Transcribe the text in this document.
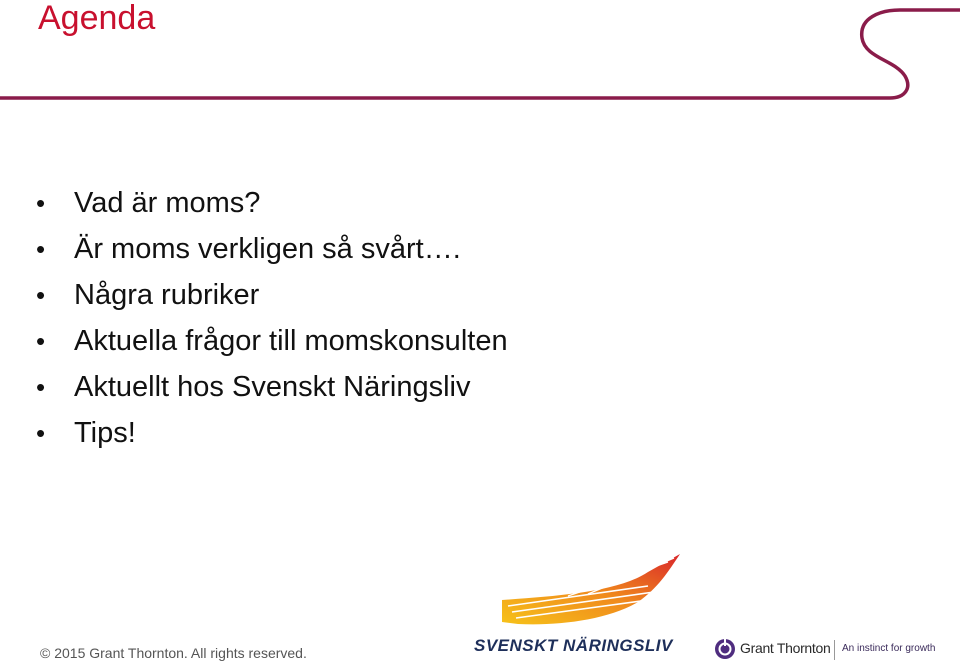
Agenda
• Vad är moms?
• Är moms verkligen så svårt….
• Några rubriker
• Aktuella frågor till momskonsulten
• Aktuellt hos Svenskt Näringsliv
• Tips!
SVENSKT NÄRINGSLIV
© 2015 Grant Thornton. All rights reserved.	Grant Thornton An instinct for growth
